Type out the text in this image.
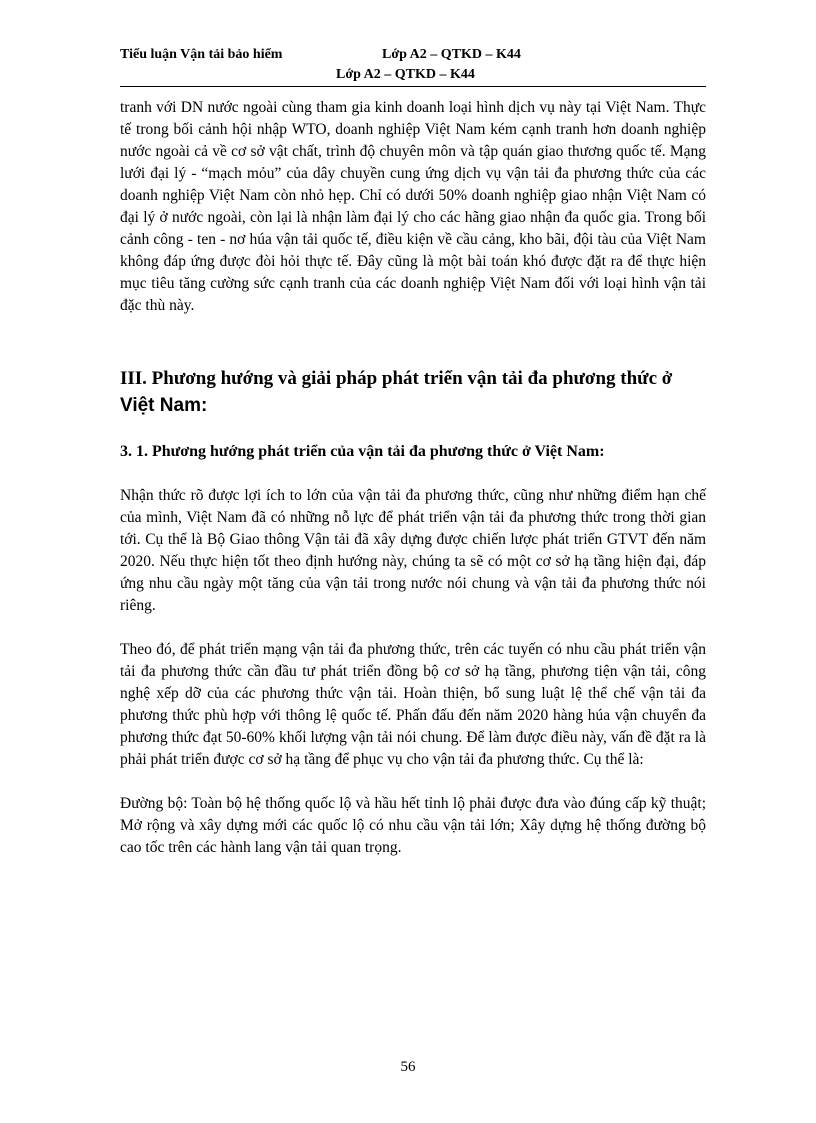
Tiểu luận Vận tải bảo hiểm	Lớp A2 – QTKD – K44
Lớp A2 – QTKD – K44

tranh với DN nước ngoài cùng tham gia kinh doanh loại hình dịch vụ này tại Việt Nam. Thực tế trong bối cảnh hội nhập WTO, doanh nghiệp Việt Nam kém cạnh tranh hơn doanh nghiệp nước ngoài cả về cơ sở vật chất, trình độ chuyên môn và tập quán giao thương quốc tế. Mạng lưới đại lý - “mạch mỏu” của dây chuyền cung ứng dịch vụ vận tải đa phương thức của các doanh nghiệp Việt Nam còn nhỏ hẹp. Chỉ có dưới 50% doanh nghiệp giao nhận Việt Nam có đại lý ở nước ngoài, còn lại là nhận làm đại lý cho các hãng giao nhận đa quốc gia. Trong bối cảnh công - ten - nơ húa vận tải quốc tế, điều kiện về cầu cảng, kho bãi, đội tàu của Việt Nam không đáp ứng được đòi hỏi thực tế. Đây cũng là một bài toán khó được đặt ra để thực hiện mục tiêu tăng cường sức cạnh tranh của các doanh nghiệp Việt Nam đối với loại hình vận tải đặc thù này.

III. Phương hướng và giải pháp phát triển vận tải đa phương thức ở Việt Nam:
3. 1. Phương hướng phát triển của vận tải đa phương thức ở Việt Nam:

Nhận thức rõ được lợi ích to lớn của vận tải đa phương thức, cũng như những điểm hạn chế của mình, Việt Nam đã có những nỗ lực để phát triển vận tải đa phương thức trong thời gian tới. Cụ thể là Bộ Giao thông Vận tải đã xây dựng được chiến lược phát triển GTVT đến năm 2020. Nếu thực hiện tốt theo định hướng này, chúng ta sẽ có một cơ sở hạ tầng hiện đại, đáp ứng nhu cầu ngày một tăng của vận tải trong nước nói chung và vận tải đa phương thức nói riêng.

Theo đó, để phát triển mạng vận tải đa phương thức, trên các tuyến có nhu cầu phát triển vận tải đa phương thức cần đầu tư phát triển đồng bộ cơ sở hạ tầng, phương tiện vận tải, công nghệ xếp dỡ của các phương thức vận tải. Hoàn thiện, bổ sung luật lệ thể chế vận tải đa phương thức phù hợp với thông lệ quốc tế. Phấn đấu đến năm 2020 hàng húa vận chuyển đa phương thức đạt 50-60% khối lượng vận tải nói chung. Để làm được điều này, vấn đề đặt ra là phải phát triển được cơ sở hạ tầng để phục vụ cho vận tải đa phương thức. Cụ thể là:

Đường bộ: Toàn bộ hệ thống quốc lộ và hầu hết tỉnh lộ phải được đưa vào đúng cấp kỹ thuật; Mở rộng và xây dựng mới các quốc lộ có nhu cầu vận tải lớn; Xây dựng hệ thống đường bộ cao tốc trên các hành lang vận tải quan trọng.

56
